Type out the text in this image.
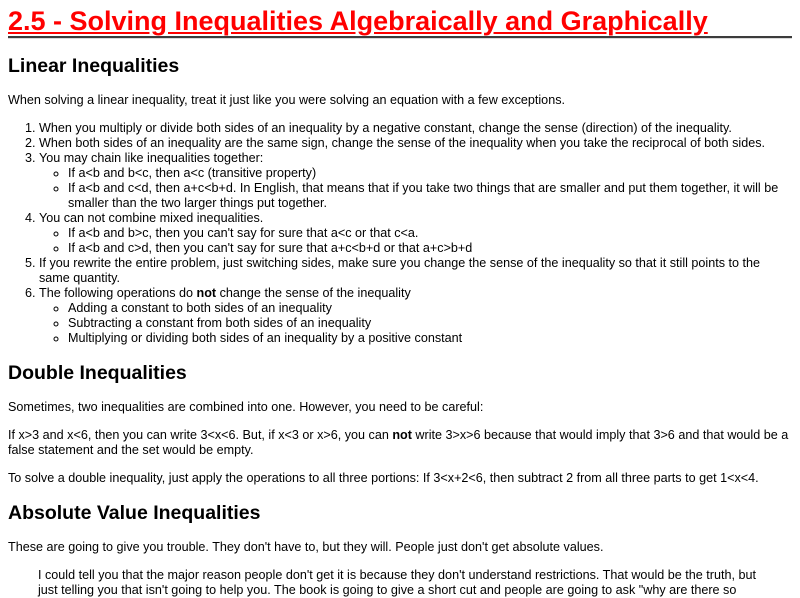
2.5 - Solving Inequalities Algebraically and Graphically
Linear Inequalities

When solving a linear inequality, treat it just like you were solving an equation with a few exceptions.

1. When you multiply or divide both sides of an inequality by a negative constant, change the sense (direction) of the inequality.
2. When both sides of an inequality are the same sign, change the sense of the inequality when you take the reciprocal of both sides.
3. You may chain like inequalities together:
◦ If a<b and b<c, then a<c (transitive property)
◦ If a<b and c<d, then a+c<b+d. In English, that means that if you take two things that are smaller and put them together, it will be smaller than the two larger things put together.
4. You can not combine mixed inequalities.
◦ If a<b and b>c, then you can't say for sure that a<c or that c<a.
◦ If a<b and c>d, then you can't say for sure that a+c<b+d or that a+c>b+d
5. If you rewrite the entire problem, just switching sides, make sure you change the sense of the inequality so that it still points to the same quantity.
6. The following operations do not change the sense of the inequality
◦ Adding a constant to both sides of an inequality
◦ Subtracting a constant from both sides of an inequality
◦ Multiplying or dividing both sides of an inequality by a positive constant
Double Inequalities

Sometimes, two inequalities are combined into one. However, you need to be careful:

If x>3 and x<6, then you can write 3<x<6. But, if x<3 or x>6, you can not write 3>x>6 because that would imply that 3>6 and that would be a false statement and the set would be empty.

To solve a double inequality, just apply the operations to all three portions: If 3<x+2<6, then subtract 2 from all three parts to get 1<x<4.

Absolute Value Inequalities

These are going to give you trouble. They don't have to, but they will. People just don't get absolute values.

I could tell you that the major reason people don't get it is because they don't understand restrictions. That would be the truth, but just telling you that isn't going to help you. The book is going to give a short cut and people are going to ask "why are there so
